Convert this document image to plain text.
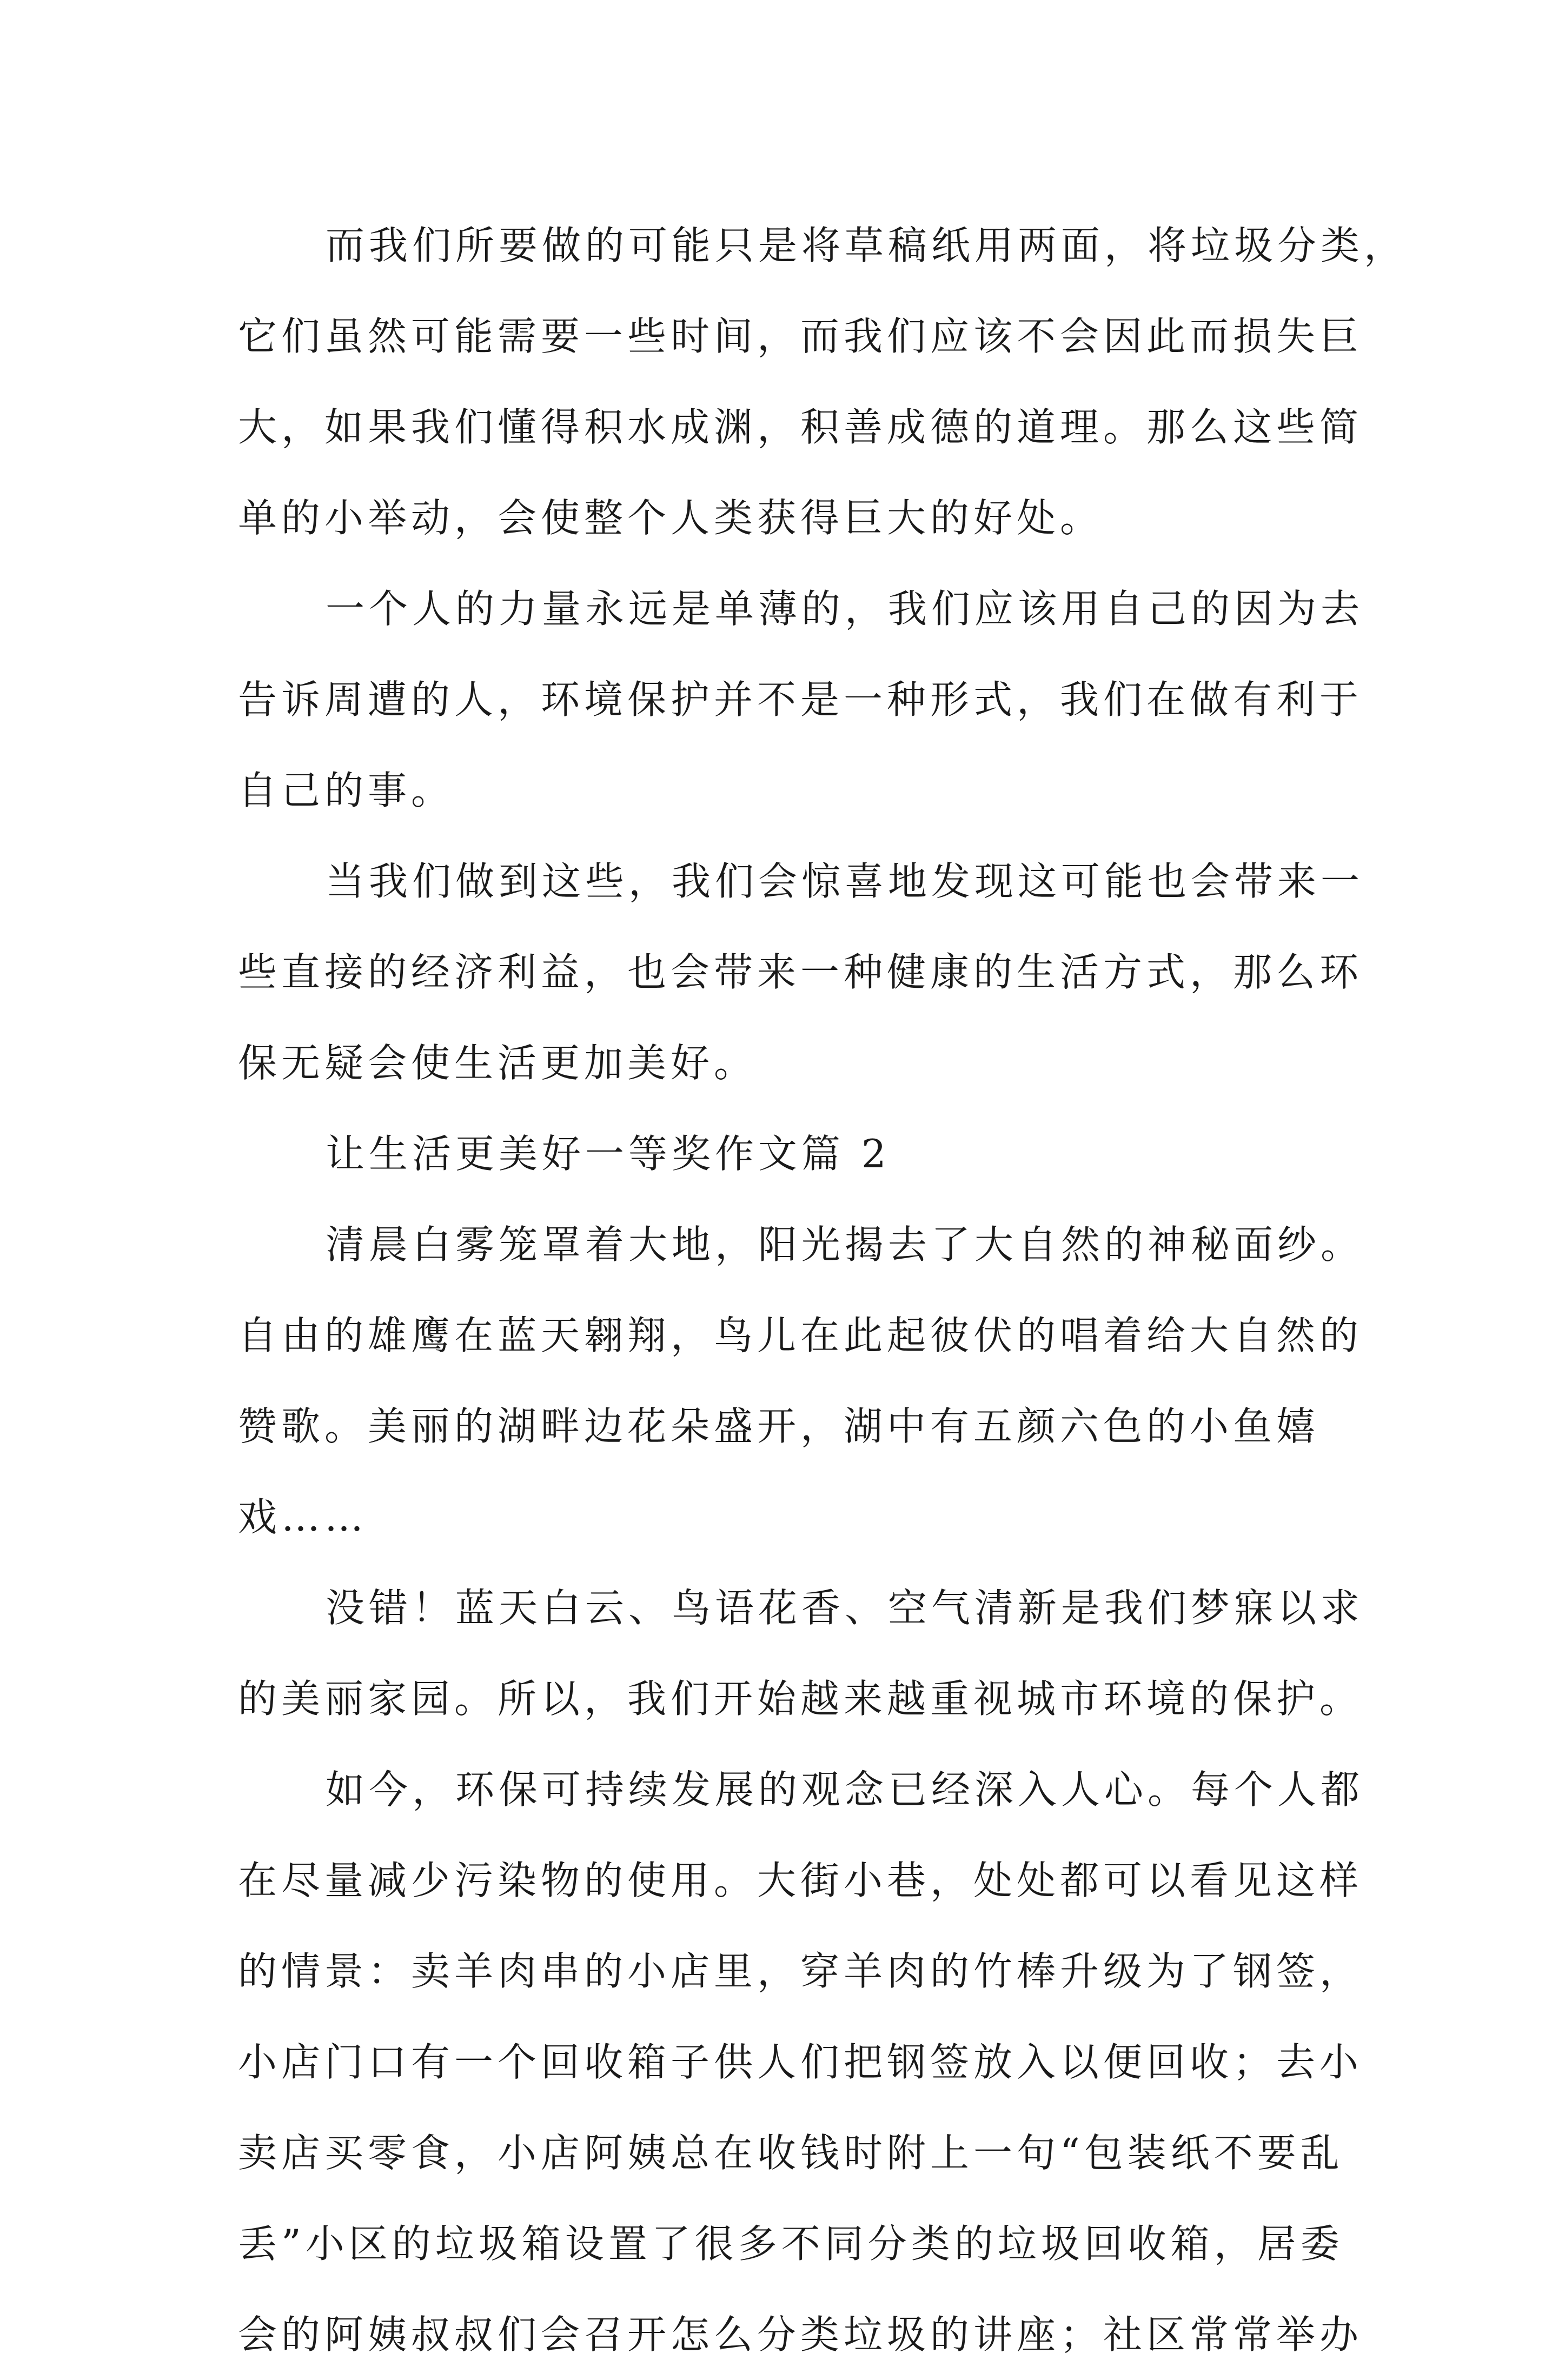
而我们所要做的可能只是将草稿纸用两面，将垃圾分类，
它们虽然可能需要一些时间，而我们应该不会因此而损失巨
大，如果我们懂得积水成渊，积善成德的道理。那么这些简
单的小举动，会使整个人类获得巨大的好处。
一个人的力量永远是单薄的，我们应该用自己的因为去
告诉周遭的人，环境保护并不是一种形式，我们在做有利于
自己的事。
当我们做到这些，我们会惊喜地发现这可能也会带来一
些直接的经济利益，也会带来一种健康的生活方式，那么环
保无疑会使生活更加美好。
让生活更美好一等奖作文篇 2
清晨白雾笼罩着大地，阳光揭去了大自然的神秘面纱。
自由的雄鹰在蓝天翱翔，鸟儿在此起彼伏的唱着给大自然的
赞歌。美丽的湖畔边花朵盛开，湖中有五颜六色的小鱼嬉
戏……
没错！蓝天白云、鸟语花香、空气清新是我们梦寐以求
的美丽家园。所以，我们开始越来越重视城市环境的保护。
如今，环保可持续发展的观念已经深入人心。每个人都
在尽量减少污染物的使用。大街小巷，处处都可以看见这样
的情景：卖羊肉串的小店里，穿羊肉的竹棒升级为了钢签，
小店门口有一个回收箱子供人们把钢签放入以便回收；去小
卖店买零食，小店阿姨总在收钱时附上一句“包装纸不要乱
丢”小区的垃圾箱设置了很多不同分类的垃圾回收箱，居委
会的阿姨叔叔们会召开怎么分类垃圾的讲座；社区常常举办
